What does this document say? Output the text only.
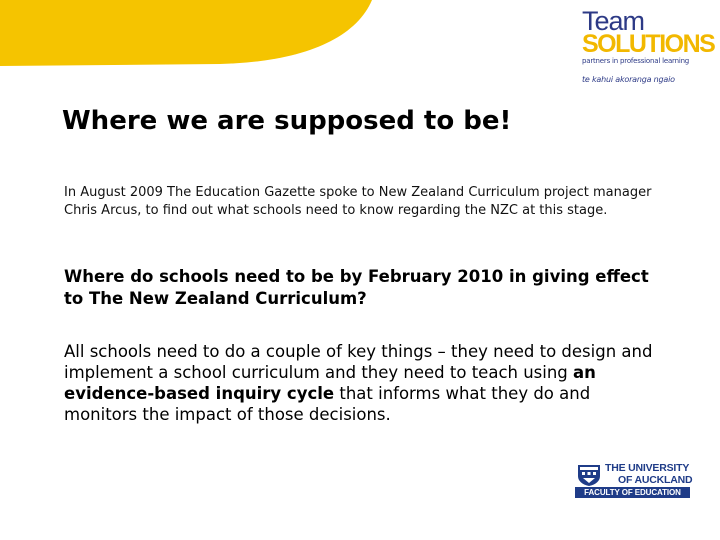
Team
SOLUTIONS
partners in professional learning
te kahui akoranga ngaio
Where we are supposed to be!

In August 2009 The Education Gazette spoke to New Zealand Curriculum project manager Chris Arcus, to find out what schools need to know regarding the NZC at this stage.

Where do schools need to be by February 2010 in giving effect to The New Zealand Curriculum?

All schools need to do a couple of key things – they need to design and implement a school curriculum and they need to teach using an evidence-based inquiry cycle that informs what they do and monitors the impact of those decisions.

THE UNIVERSITY
OF AUCKLAND
FACULTY OF EDUCATION
